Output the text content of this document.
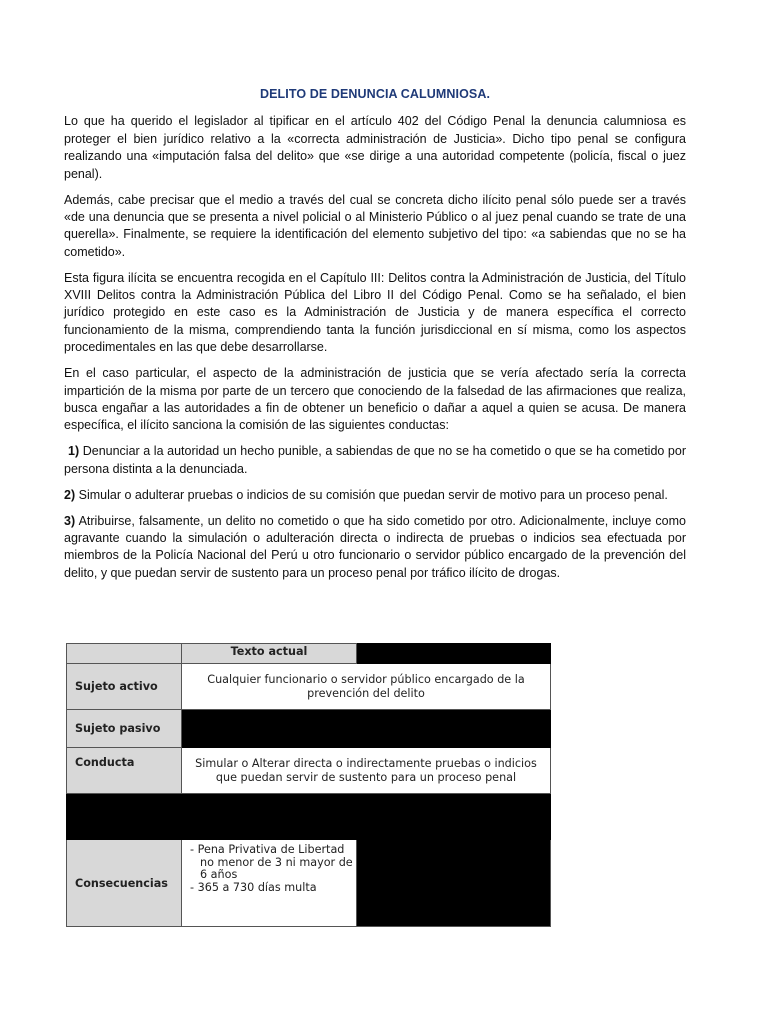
DELITO DE DENUNCIA CALUMNIOSA.

Lo que ha querido el legislador al tipificar en el artículo 402 del Código Penal la denuncia calumniosa es proteger el bien jurídico relativo a la «correcta administración de Justicia». Dicho tipo penal se configura realizando una «imputación falsa del delito» que «se dirige a una autoridad competente (policía, fiscal o juez penal).

Además, cabe precisar que el medio a través del cual se concreta dicho ilícito penal sólo puede ser a través «de una denuncia que se presenta a nivel policial o al Ministerio Público o al juez penal cuando se trate de una querella». Finalmente, se requiere la identificación del elemento subjetivo del tipo: «a sabiendas que no se ha cometido».

Esta figura ilícita se encuentra recogida en el Capítulo III: Delitos contra la Administración de Justicia, del Título XVIII Delitos contra la Administración Pública del Libro II del Código Penal. Como se ha señalado, el bien jurídico protegido en este caso es la Administración de Justicia y de manera específica el correcto funcionamiento de la misma, comprendiendo tanta la función jurisdiccional en sí misma, como los aspectos procedimentales en las que debe desarrollarse.

En el caso particular, el aspecto de la administración de justicia que se vería afectado sería la correcta impartición de la misma por parte de un tercero que conociendo de la falsedad de las afirmaciones que realiza, busca engañar a las autoridades a fin de obtener un beneficio o dañar a aquel a quien se acusa. De manera específica, el ilícito sanciona la comisión de las siguientes conductas:

1) Denunciar a la autoridad un hecho punible, a sabiendas de que no se ha cometido o que se ha cometido por persona distinta a la denunciada.

2) Simular o adulterar pruebas o indicios de su comisión que puedan servir de motivo para un proceso penal.

3) Atribuirse, falsamente, un delito no cometido o que ha sido cometido por otro. Adicionalmente, incluye como agravante cuando la simulación o adulteración directa o indirecta de pruebas o indicios sea efectuada por miembros de la Policía Nacional del Perú u otro funcionario o servidor público encargado de la prevención del delito, y que puedan servir de sustento para un proceso penal por tráfico ilícito de drogas.

	Texto actual	
Sujeto activo	Cualquier funcionario o servidor público encargado de la prevención del delito	
Sujeto pasivo		
Conducta	Simular o Alterar directa o indirectamente pruebas o indicios que puedan servir de sustento para un proceso penal	

Consecuencias	- Pena Privativa de Libertad
no menor de 3 ni mayor de
6 años
- 365 a 730 días multa	
